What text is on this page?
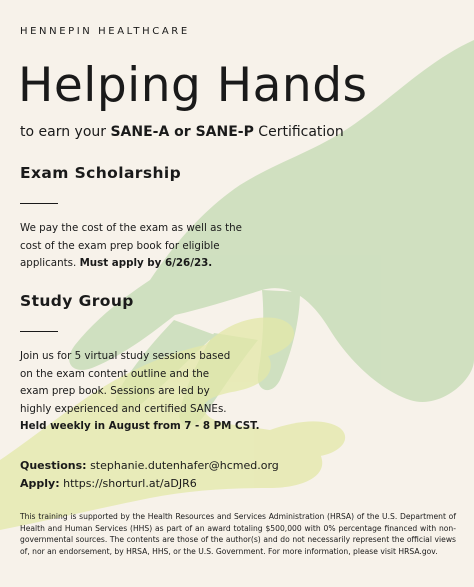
HENNEPIN HEALTHCARE
Helping Hands
to earn your SANE-A or SANE-P Certification
Exam Scholarship
We pay the cost of the exam as well as the
cost of the exam prep book for eligible
applicants. Must apply by 6/26/23.
Study Group
Join us for 5 virtual study sessions based
on the exam content outline and the
exam prep book. Sessions are led by
highly experienced and certified SANEs.
Held weekly in August from 7 - 8 PM CST.
Questions: stephanie.dutenhafer@hcmed.org
Apply: https://shorturl.at/aDJR6
This training is supported by the Health Resources and Services Administration (HRSA) of the U.S. Department of Health and Human Services (HHS) as part of an award totaling $500,000 with 0% percentage financed with non-governmental sources. The contents are those of the author(s) and do not necessarily represent the official views of, nor an endorsement, by HRSA, HHS, or the U.S. Government. For more information, please visit HRSA.gov.
